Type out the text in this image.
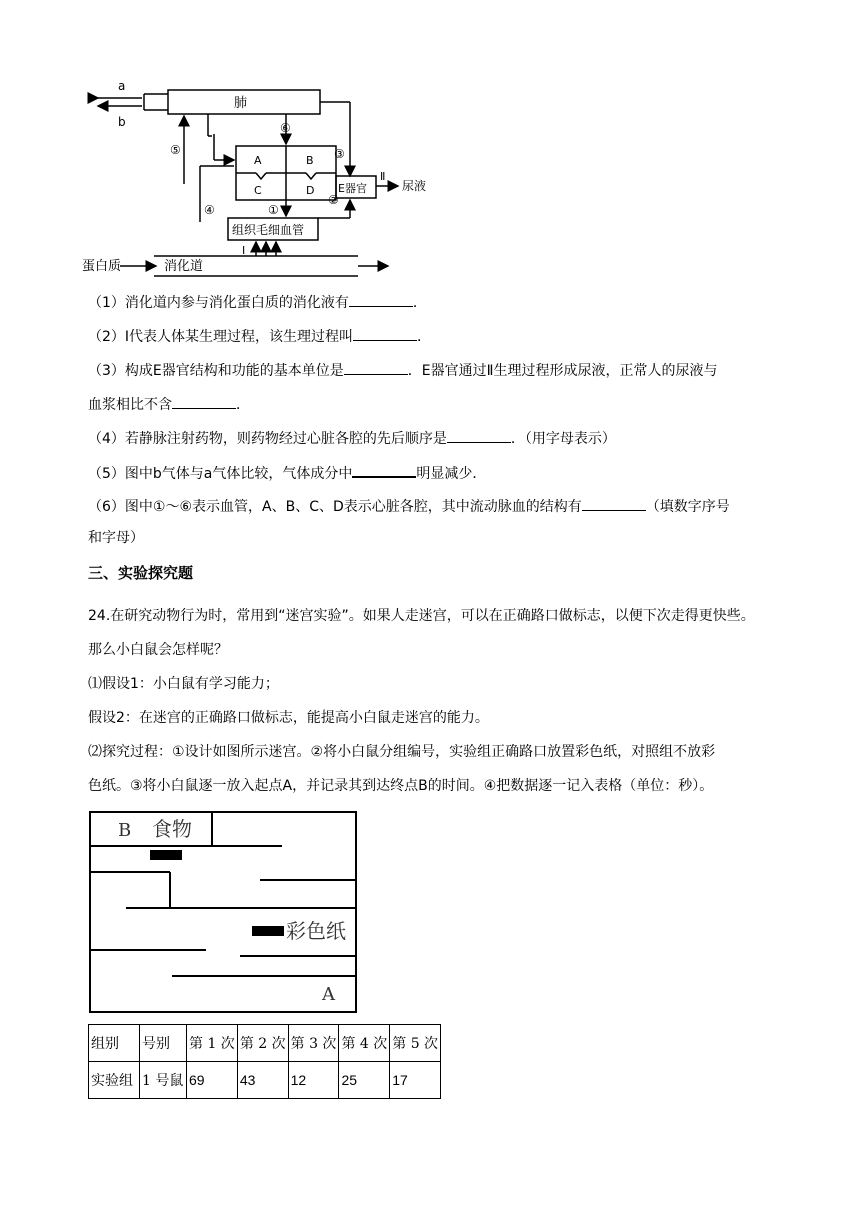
a
b
肺
A	B
C	D
①
②
③
④
⑤
⑥
E器官
Ⅱ
尿液
组织毛细血管
Ⅰ
蛋白质	消化道
（1）消化道内参与消化蛋白质的消化液有	．
（2）Ⅰ代表人体某生理过程，该生理过程叫	．
（3）构成E器官结构和功能的基本单位是	．E器官通过Ⅱ生理过程形成尿液，正常人的尿液与
血浆相比不含	．
（4）若静脉注射药物，则药物经过心脏各腔的先后顺序是	．（用字母表示）
（5）图中b气体与a气体比较，气体成分中	明显减少．
（6）图中①～⑥表示血管，A、B、C、D表示心脏各腔，其中流动脉血的结构有	（填数字序号
和字母）
三、实验探究题
24.在研究动物行为时，常用到“迷宫实验”。如果人走迷宫，可以在正确路口做标志，以便下次走得更快些。
那么小白鼠会怎样呢？
⑴假设1：小白鼠有学习能力；
假设2：在迷宫的正确路口做标志，能提高小白鼠走迷宫的能力。
⑵探究过程：①设计如图所示迷宫。②将小白鼠分组编号，实验组正确路口放置彩色纸，对照组不放彩
色纸。③将小白鼠逐一放入起点A，并记录其到达终点B的时间。④把数据逐一记入表格（单位：秒）。
B 食物
彩色纸
A
组别	号别	第 1 次	第 2 次	第 3 次	第 4 次	第 5 次
实验组	1 号鼠	69	43	12	25	17
